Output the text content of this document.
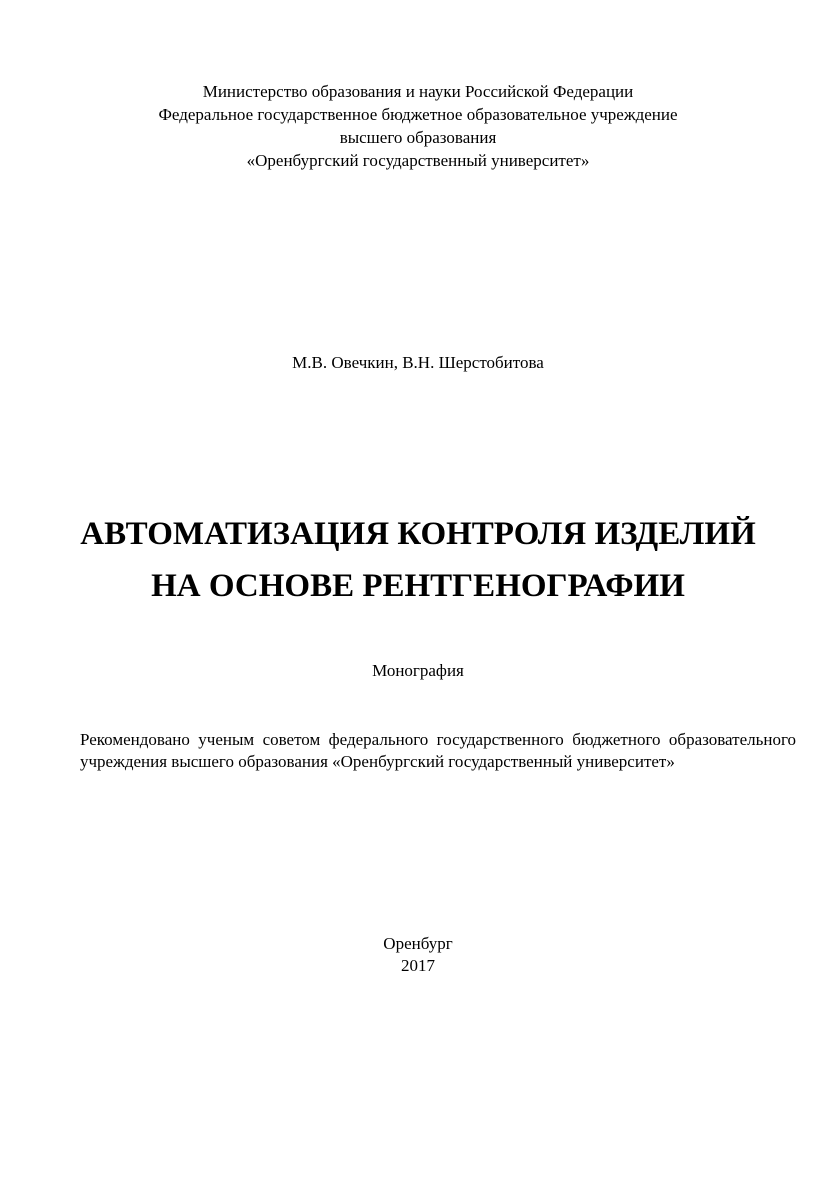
Министерство образования и науки Российской Федерации
Федеральное государственное бюджетное образовательное учреждение
высшего образования
«Оренбургский государственный университет»
М.В. Овечкин, В.Н. Шерстобитова
АВТОМАТИЗАЦИЯ КОНТРОЛЯ ИЗДЕЛИЙ
НА ОСНОВЕ РЕНТГЕНОГРАФИИ
Монография
Рекомендовано ученым советом федерального государственного бюджетного образовательного учреждения высшего образования «Оренбургский государственный университет»
Оренбург
2017
